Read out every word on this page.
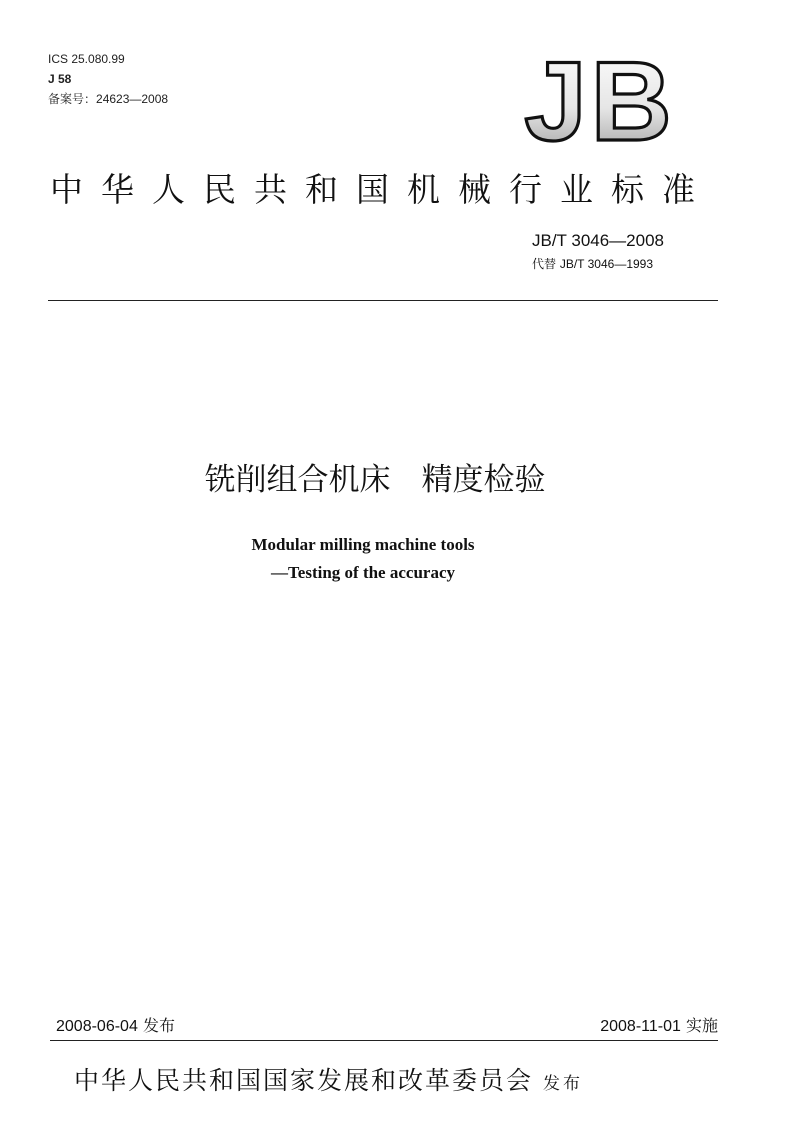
ICS 25.080.99
J 58
备案号：24623—2008	JB
中华人民共和国机械行业标准
JB/T 3046—2008
代替 JB/T 3046—1993
铣削组合机床　精度检验
Modular milling machine tools
—Testing of the accuracy
2008-06-04 发布	2008-11-01 实施
中华人民共和国国家发展和改革委员会 发布
